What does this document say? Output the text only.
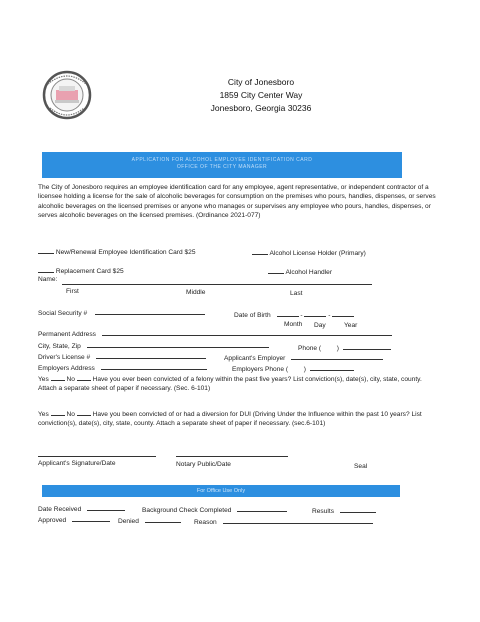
City of Jonesboro
1859 City Center Way
Jonesboro, Georgia 30236
APPLICATION FOR ALCOHOL EMPLOYEE IDENTIFICATION CARD
OFFICE OF THE CITY MANAGER
The City of Jonesboro requires an employee identification card for any employee, agent representative, or independent contractor of a licensee holding a license for the sale of alcoholic beverages for consumption on the premises who pours, handles, dispenses, or serves alcoholic beverages on the licensed premises or anyone who manages or supervises any employee who pours, handles, dispenses, or serves alcoholic beverages on the licensed premises. (Ordinance 2021-077)
New/Renewal Employee Identification Card $25	Alcohol License Holder (Primary)
Replacement Card $25	Alcohol Handler
Name:
First	Middle	Last
Social Security #	Date of Birth	-	-
Month Day	Year
Permanent Address
City, State, Zip	Phone ( )
Driver's License #	Applicant's Employer
Employers Address	Employers Phone ( )
Yes	No	Have you ever been convicted of a felony within the past five years? List conviction(s), date(s), city, state, county. Attach a separate sheet of paper if necessary. (Sec. 6-101)
Yes	No	Have you been convicted of or had a diversion for DUI (Driving Under the Influence within the past 10 years? List conviction(s), date(s), city, state, county. Attach a separate sheet of paper if necessary. (sec.6-101)
Applicant's Signature/Date	Notary Public/Date	Seal
For Office Use Only
Date Received	Background Check Completed	Results
Approved	Denied	Reason
